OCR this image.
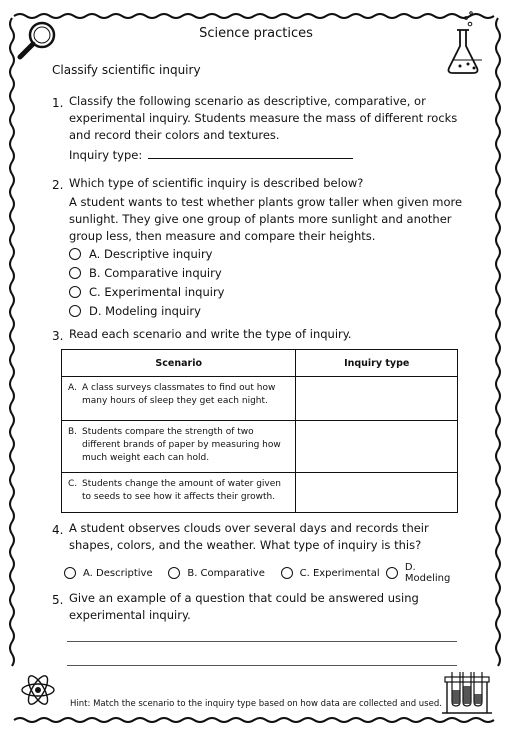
Science practices
Classify scientific inquiry
1. Classify the following scenario as descriptive, comparative, or experimental inquiry. Students measure the mass of different rocks and record their colors and textures.
Inquiry type:
2. Which type of scientific inquiry is described below?
A student wants to test whether plants grow taller when given more sunlight. They give one group of plants more sunlight and another group less, then measure and compare their heights.
A. Descriptive inquiry
B. Comparative inquiry
C. Experimental inquiry
D. Modeling inquiry
3. Read each scenario and write the type of inquiry.
Scenario	Inquiry type

A. A class surveys classmates to find out how many hours of sleep they get each night.	

B. Students compare the strength of two different brands of paper by measuring how much weight each can hold.	

C. Students change the amount of water given to seeds to see how it affects their growth.	

4. A student observes clouds over several days and records their shapes, colors, and the weather. What type of inquiry is this?
A. Descriptive	B. Comparative	C. Experimental	D. Modeling
5. Give an example of a question that could be answered using experimental inquiry.
Hint: Match the scenario to the inquiry type based on how data are collected and used.
